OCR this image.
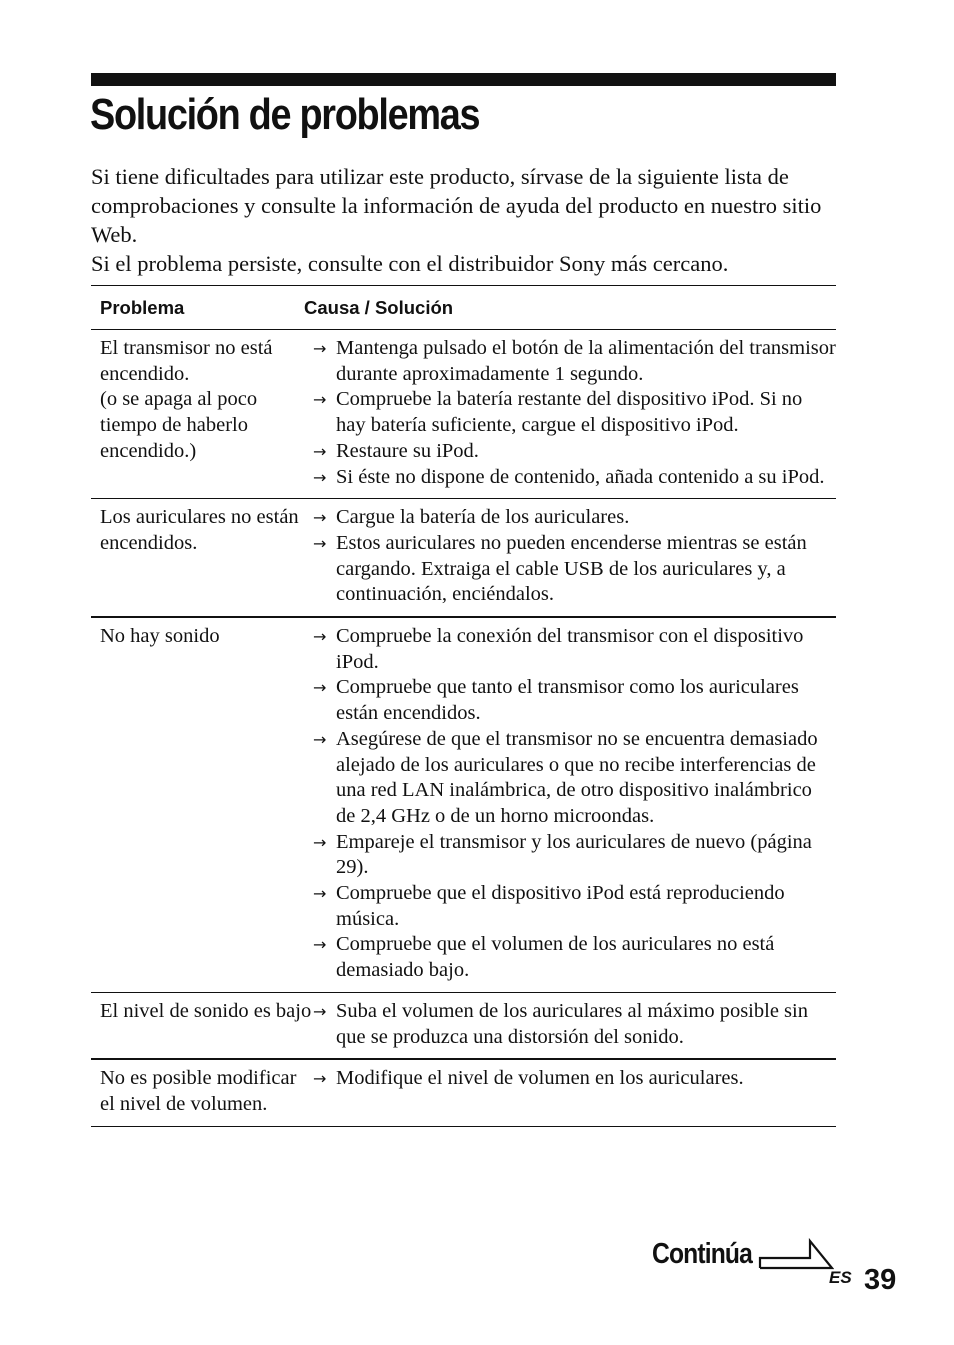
Solución de problemas

Si tiene dificultades para utilizar este producto, sírvase de la siguiente lista de comprobaciones y consulte la información de ayuda del producto en nuestro sitio Web.

Si el problema persiste, consulte con el distribuidor Sony más cercano.

Problema	Causa / Solución
El transmisor no está encendido.
(o se apaga al poco tiempo de haberlo encendido.)
→ Mantenga pulsado el botón de la alimentación del transmisor durante aproximadamente 1 segundo.
→ Compruebe la batería restante del dispositivo iPod. Si no hay batería suficiente, cargue el dispositivo iPod.
→ Restaure su iPod.
→ Si éste no dispone de contenido, añada contenido a su iPod.
Los auriculares no están encendidos.
→ Cargue la batería de los auriculares.
→ Estos auriculares no pueden encenderse mientras se están cargando. Extraiga el cable USB de los auriculares y, a continuación, enciéndalos.
No hay sonido	→ Compruebe la conexión del transmisor con el dispositivo iPod.
→ Compruebe que tanto el transmisor como los auriculares están encendidos.
→ Asegúrese de que el transmisor no se encuentra demasiado alejado de los auriculares o que no recibe interferencias de una red LAN inalámbrica, de otro dispositivo inalámbrico de 2,4 GHz o de un horno microondas.
→ Empareje el transmisor y los auriculares de nuevo (página 29).
→ Compruebe que el dispositivo iPod está reproduciendo música.
→ Compruebe que el volumen de los auriculares no está demasiado bajo.
El nivel de sonido es bajo → Suba el volumen de los auriculares al máximo posible sin que se produzca una distorsión del sonido.
No es posible modificar el nivel de volumen.
→ Modifique el nivel de volumen en los auriculares.
Continúa
ES 39
